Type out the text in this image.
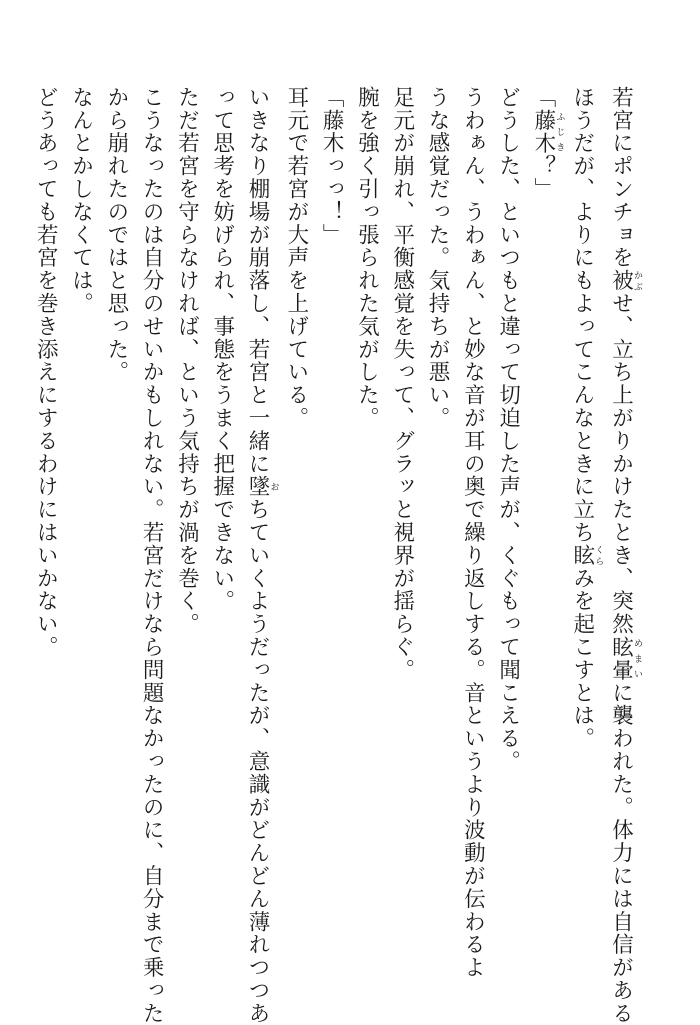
若宮にポンチョを被かぶせ、立ち上がりかけたとき、突然眩暈めまいに襲われた。体力には自信がある
ほうだが、よりにもよってこんなときに立ち眩くらみを起こすとは。
「藤木ふじき？」
どうした、といつもと違って切迫した声が、くぐもって聞こえる。
うわぁん、うわぁん、と妙な音が耳の奥で繰り返しする。音というより波動が伝わるよ
うな感覚だった。気持ちが悪い。
足元が崩れ、平衡感覚を失って、グラッと視界が揺らぐ。
腕を強く引っ張られた気がした。
「藤木っっ！」
耳元で若宮が大声を上げている。
いきなり棚場が崩落し、若宮と一緒に墜おちていくようだったが、意識がどんどん薄れつつあ
って思考を妨げられ、事態をうまく把握できない。
ただ若宮を守らなければ、という気持ちが渦を巻く。
こうなったのは自分のせいかもしれない。若宮だけなら問題なかったのに、自分まで乗った
から崩れたのではと思った。
なんとかしなくては。
どうあっても若宮を巻き添えにするわけにはいかない。
